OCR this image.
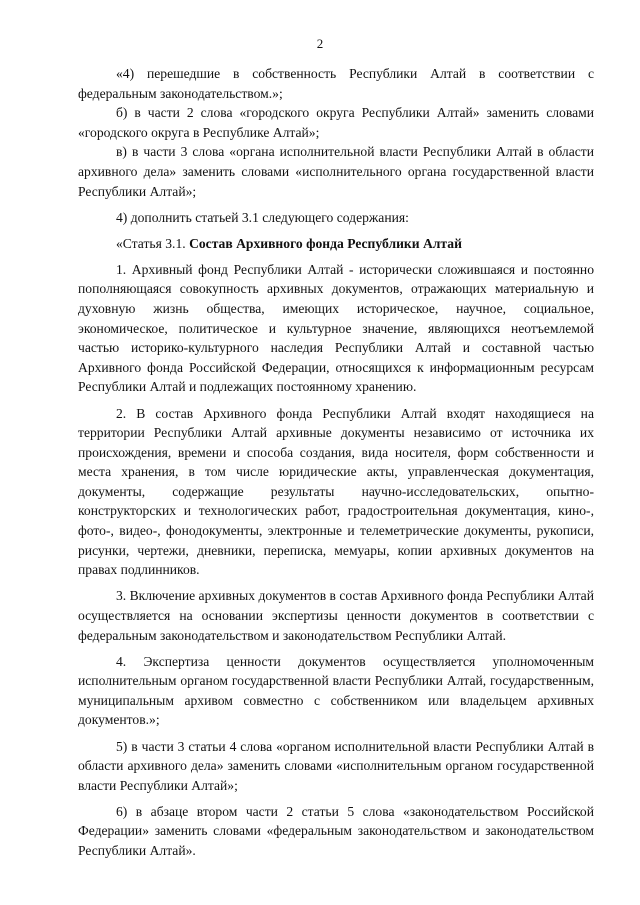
2

«4) перешедшие в собственность Республики Алтай в соответствии с федеральным законодательством.»;

б) в части 2 слова «городского округа Республики Алтай» заменить словами «городского округа в Республике Алтай»;

в) в части 3 слова «органа исполнительной власти Республики Алтай в области архивного дела» заменить словами «исполнительного органа государственной власти Республики Алтай»;

4) дополнить статьей 3.1 следующего содержания:

«Статья 3.1. Состав Архивного фонда Республики Алтай

1. Архивный фонд Республики Алтай - исторически сложившаяся и постоянно пополняющаяся совокупность архивных документов, отражающих материальную и духовную жизнь общества, имеющих историческое, научное, социальное, экономическое, политическое и культурное значение, являющихся неотъемлемой частью историко-культурного наследия Республики Алтай и составной частью Архивного фонда Российской Федерации, относящихся к информационным ресурсам Республики Алтай и подлежащих постоянному хранению.

2. В состав Архивного фонда Республики Алтай входят находящиеся на территории Республики Алтай архивные документы независимо от источника их происхождения, времени и способа создания, вида носителя, форм собственности и места хранения, в том числе юридические акты, управленческая документация, документы, содержащие результаты научно-исследовательских, опытно-конструкторских и технологических работ, градостроительная документация, кино-, фото-, видео-, фонодокументы, электронные и телеметрические документы, рукописи, рисунки, чертежи, дневники, переписка, мемуары, копии архивных документов на правах подлинников.

3. Включение архивных документов в состав Архивного фонда Республики Алтай осуществляется на основании экспертизы ценности документов в соответствии с федеральным законодательством и законодательством Республики Алтай.

4. Экспертиза ценности документов осуществляется уполномоченным исполнительным органом государственной власти Республики Алтай, государственным, муниципальным архивом совместно с собственником или владельцем архивных документов.»;

5) в части 3 статьи 4 слова «органом исполнительной власти Республики Алтай в области архивного дела» заменить словами «исполнительным органом государственной власти Республики Алтай»;

6) в абзаце втором части 2 статьи 5 слова «законодательством Российской Федерации» заменить словами «федеральным законодательством и законодательством Республики Алтай».
